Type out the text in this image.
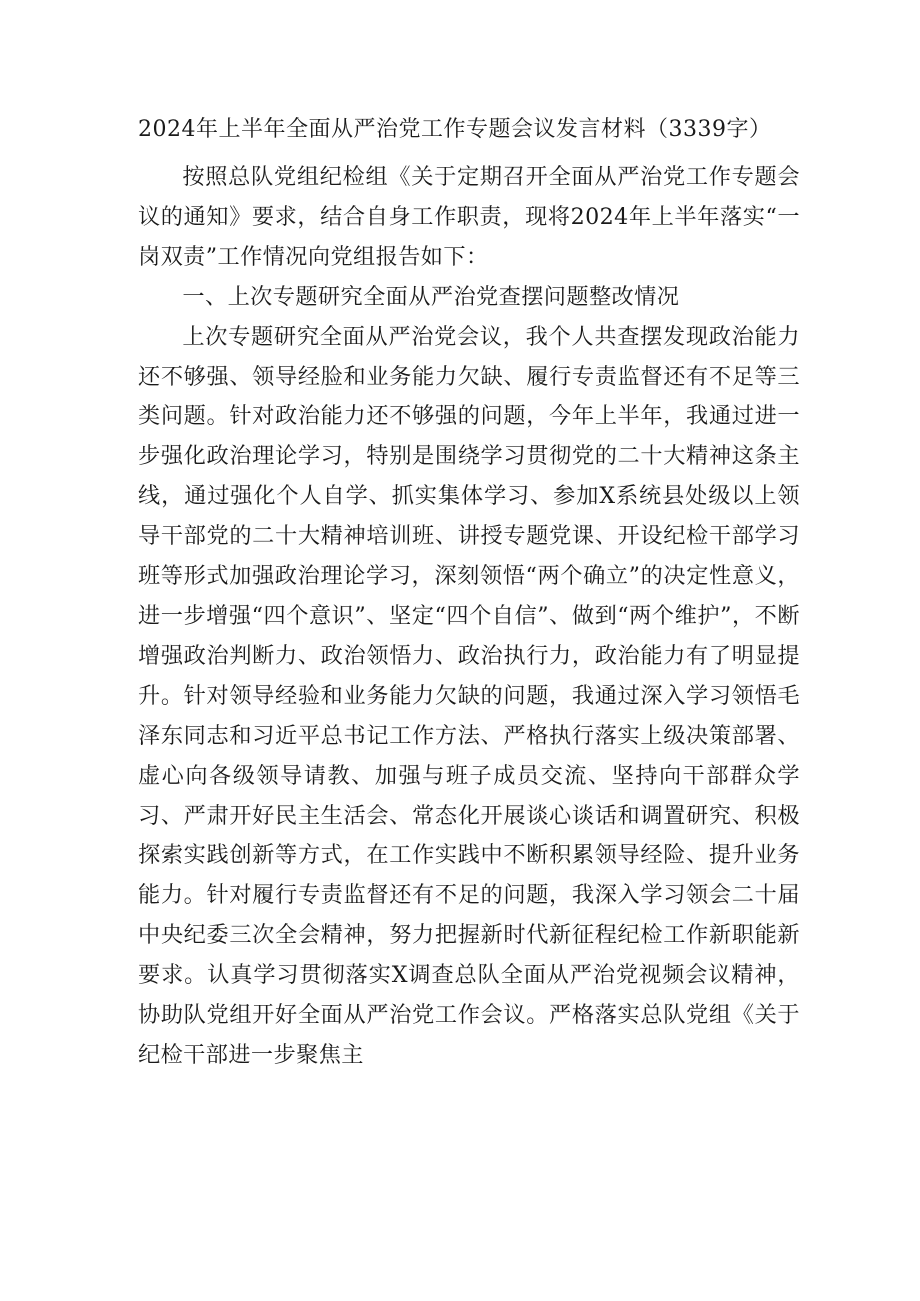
2024年上半年全面从严治党工作专题会议发言材料（3339字）

按照总队党组纪检组《关于定期召开全面从严治党工作专题会议的通知》要求，结合自身工作职责，现将2024年上半年落实“一岗双责”工作情况向党组报告如下：

一、上次专题研究全面从严治党查摆问题整改情况

上次专题研究全面从严治党会议，我个人共查摆发现政治能力还不够强、领导经脸和业务能力欠缺、履行专责监督还有不足等三类问题。针对政治能力还不够强的问题，今年上半年，我通过进一步强化政治理论学习，特别是围绕学习贯彻党的二十大精神这条主线，通过强化个人自学、抓实集体学习、参加X系统县处级以上领导干部党的二十大精神培训班、讲授专题党课、开设纪检干部学习班等形式加强政治理论学习，深刻领悟“两个确立”的决定性意义，进一步增强“四个意识”、坚定“四个自信”、做到“两个维护”，不断增强政治判断力、政治领悟力、政治执行力，政治能力有了明显提升。针对领导经验和业务能力欠缺的问题，我通过深入学习领悟毛泽东同志和习近平总书记工作方法、严格执行落实上级决策部署、虚心向各级领导请教、加强与班子成员交流、坚持向干部群众学习、严肃开好民主生活会、常态化开展谈心谈话和调置研究、积极探索实践创新等方式，在工作实践中不断积累领导经险、提升业务能力。针对履行专责监督还有不足的问题，我深入学习领会二十届中央纪委三次全会精神，努力把握新时代新征程纪检工作新职能新要求。认真学习贯彻落实X调查总队全面从严治党视频会议精神，协助队党组开好全面从严治党工作会议。严格落实总队党组《关于纪检干部进一步聚焦主
